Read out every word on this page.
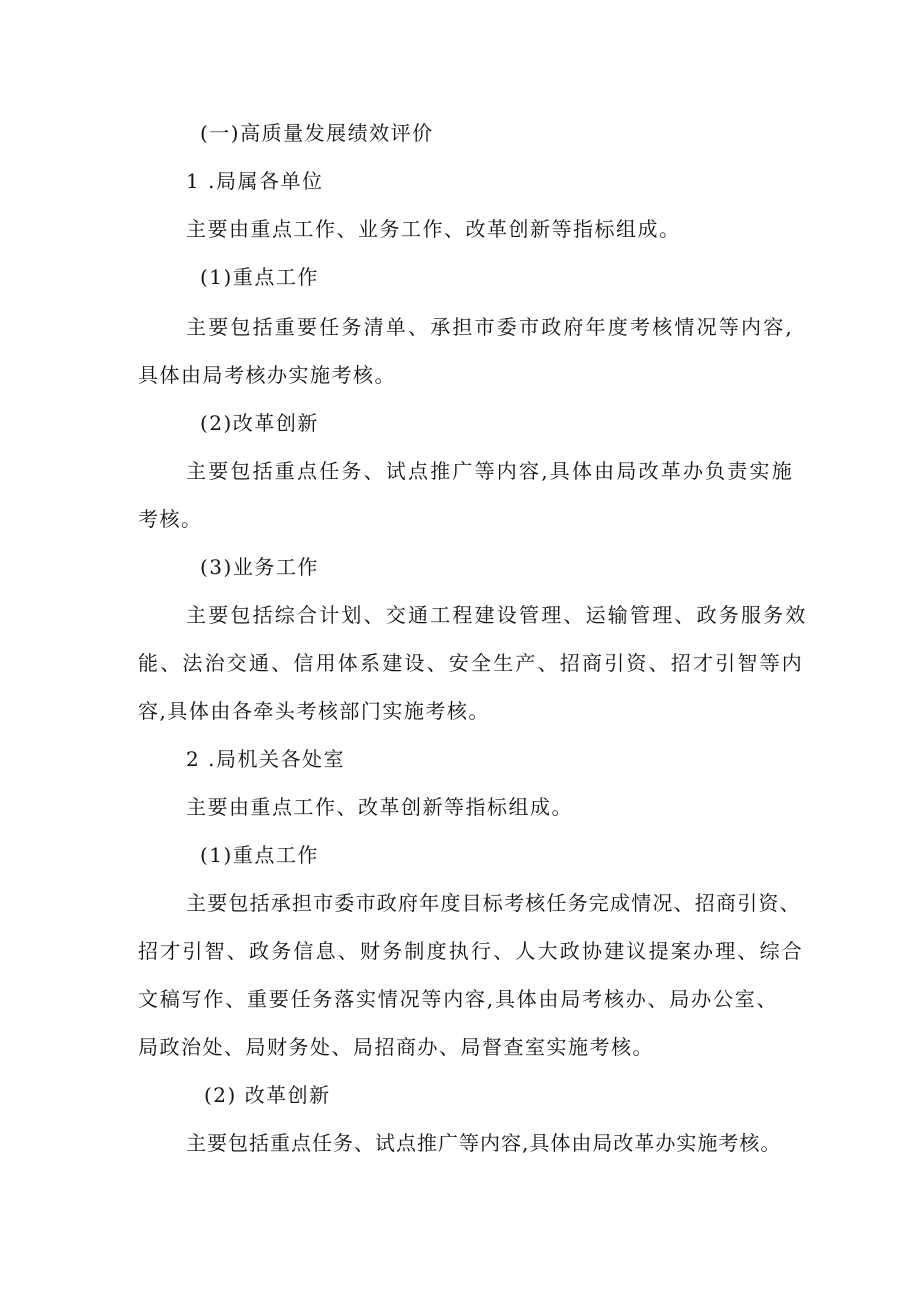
(一)高质量发展绩效评价
1 .局属各单位
主要由重点工作、业务工作、改革创新等指标组成。
(1)重点工作
主要包括重要任务清单、承担市委市政府年度考核情况等内容,
具体由局考核办实施考核。
(2)改革创新
主要包括重点任务、试点推广等内容,具体由局改革办负责实施
考核。
(3)业务工作
主要包括综合计划、交通工程建设管理、运输管理、政务服务效
能、法治交通、信用体系建设、安全生产、招商引资、招才引智等内
容,具体由各牵头考核部门实施考核。
2 .局机关各处室
主要由重点工作、改革创新等指标组成。
(1)重点工作
主要包括承担市委市政府年度目标考核任务完成情况、招商引资、
招才引智、政务信息、财务制度执行、人大政协建议提案办理、综合
文稿写作、重要任务落实情况等内容,具体由局考核办、局办公室、
局政治处、局财务处、局招商办、局督查室实施考核。
(2) 改革创新
主要包括重点任务、试点推广等内容,具体由局改革办实施考核。
